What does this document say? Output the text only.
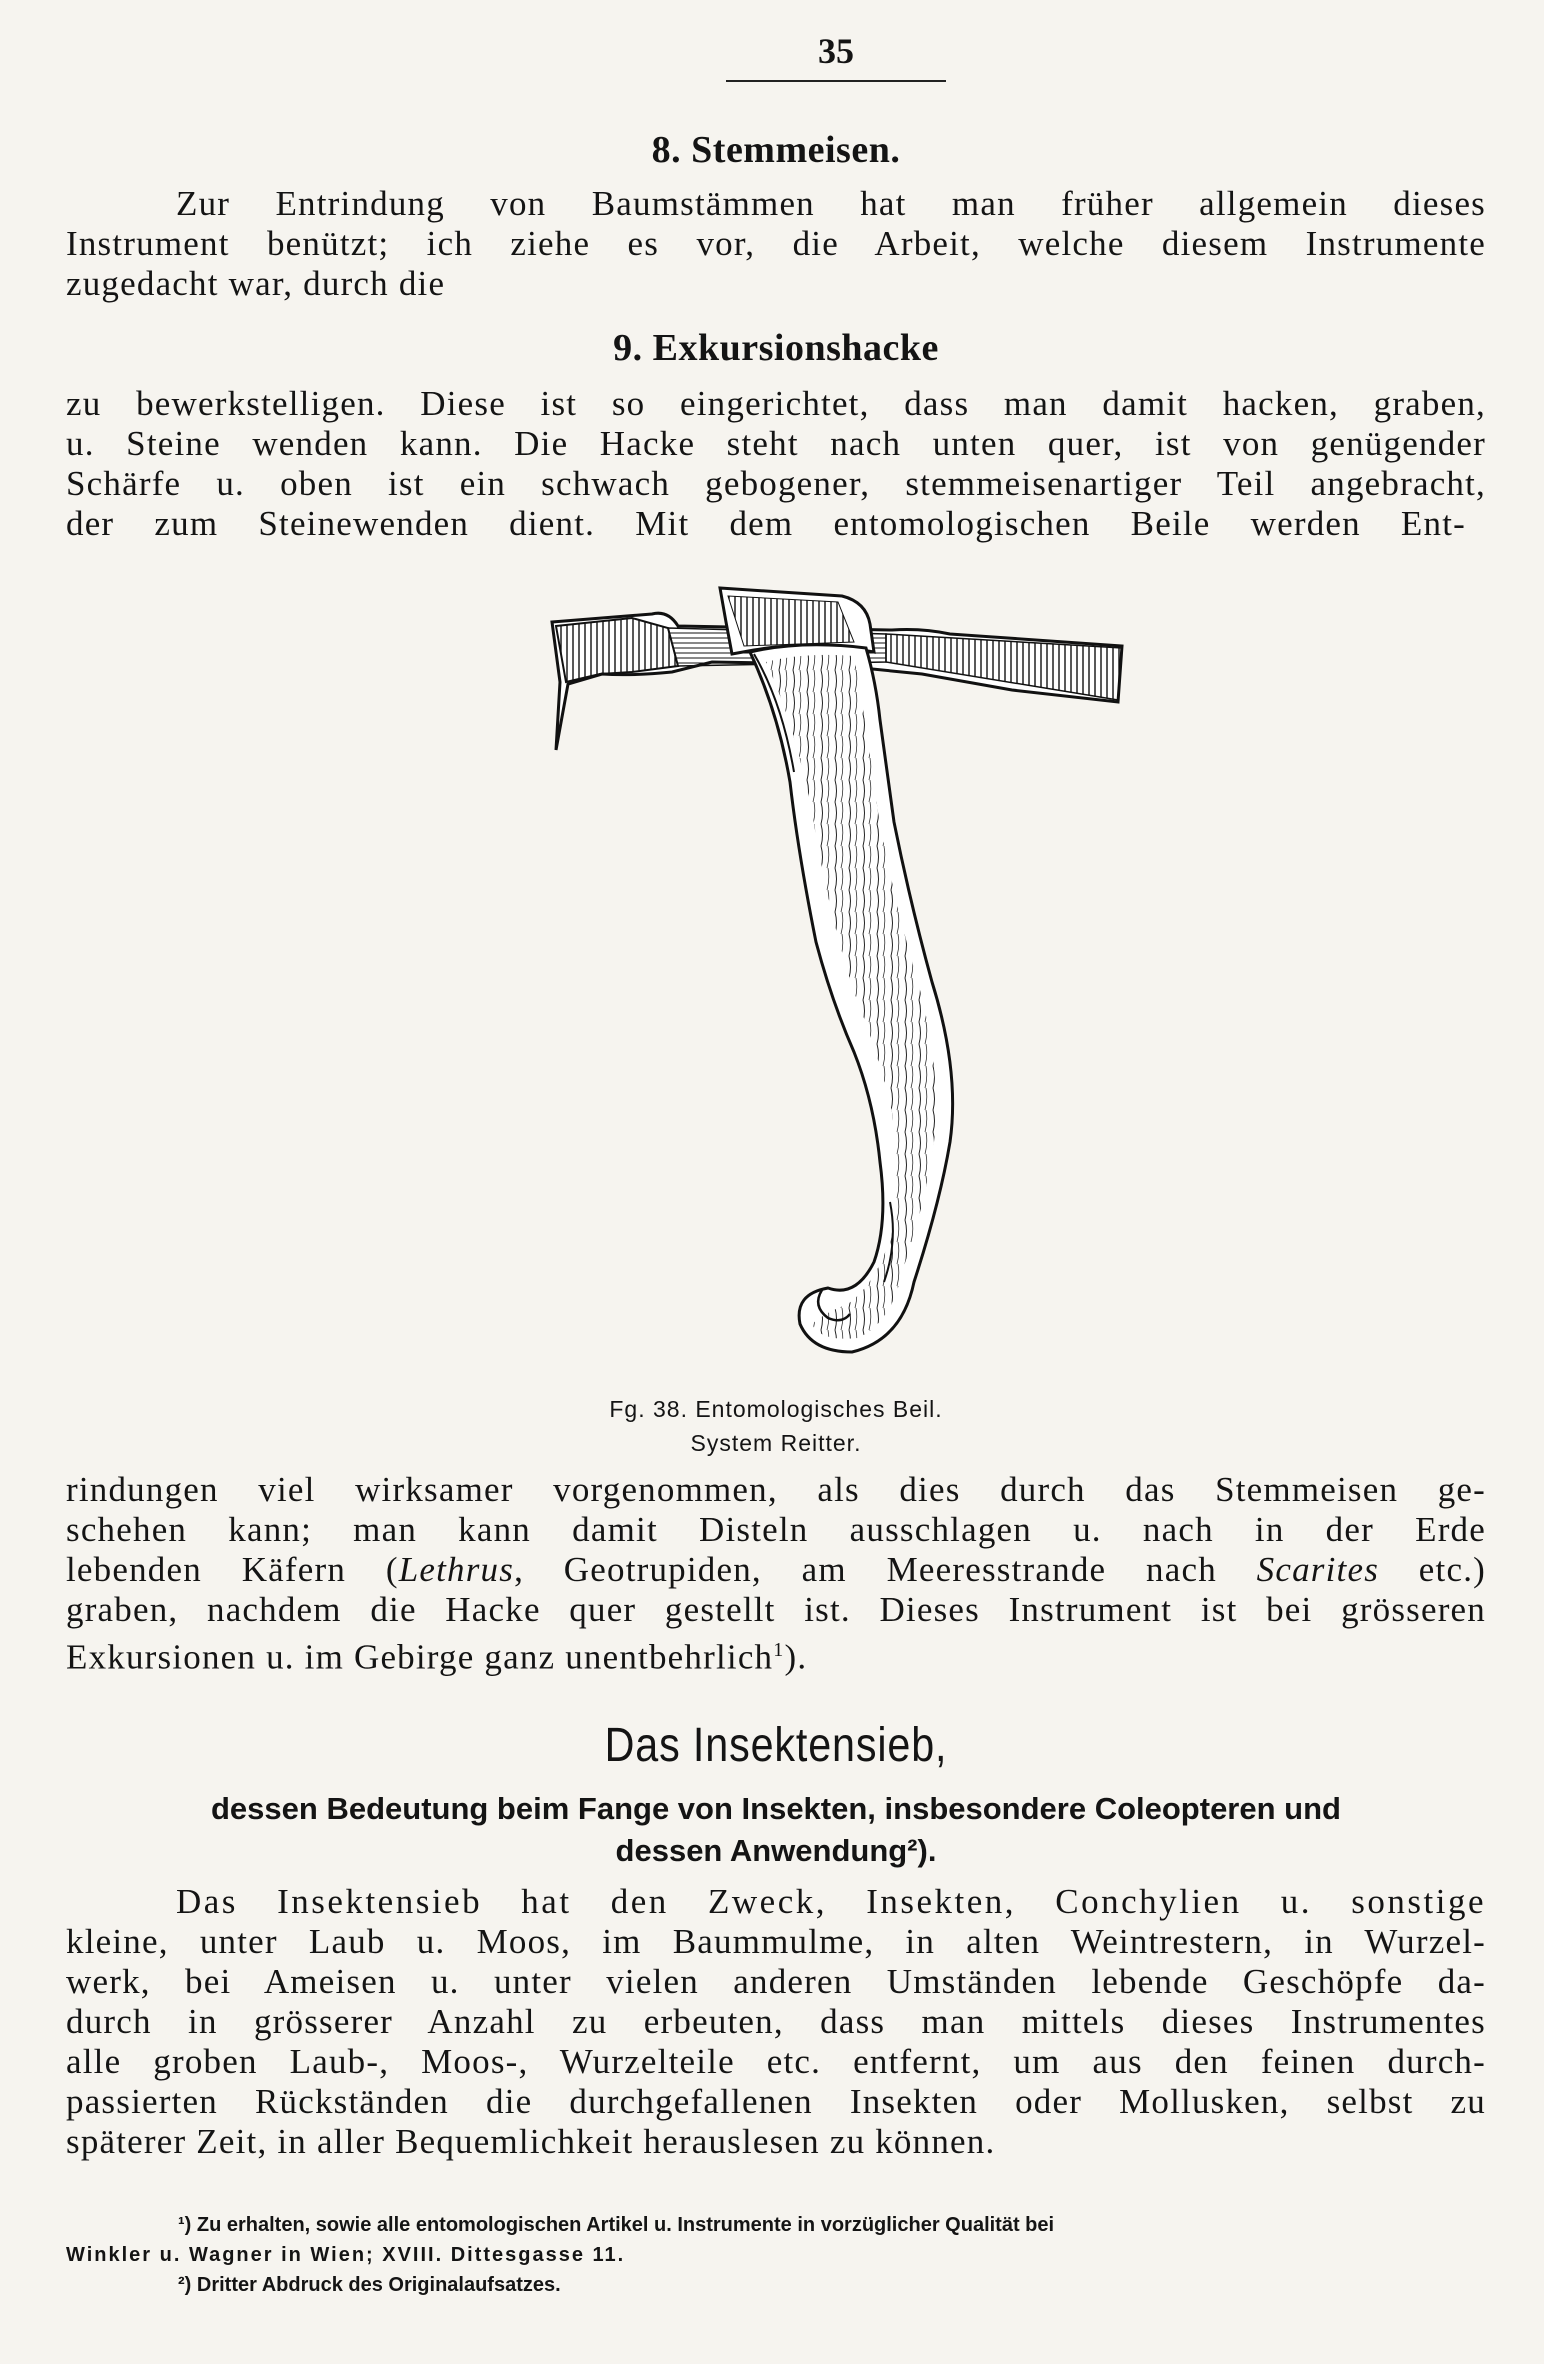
35
8. Stemmeisen.
Zur Entrindung von Baumstämmen hat man früher allgemein dieses
Instrument benützt; ich ziehe es vor, die Arbeit, welche diesem Instrumente
zugedacht war, durch die
9. Exkursionshacke
zu bewerkstelligen. Diese ist so eingerichtet, dass man damit hacken, graben,
u. Steine wenden kann. Die Hacke steht nach unten quer, ist von genügender
Schärfe u. oben ist ein schwach gebogener, stemmeisenartiger Teil angebracht,
der zum Steinewenden dient. Mit dem entomologischen Beile werden Ent-
Fg. 38. Entomologisches Beil.
System Reitter.
rindungen viel wirksamer vorgenommen, als dies durch das Stemmeisen ge-
schehen kann; man kann damit Disteln ausschlagen u. nach in der Erde
lebenden Käfern (Lethrus, Geotrupiden, am Meeresstrande nach Scarites etc.)
graben, nachdem die Hacke quer gestellt ist. Dieses Instrument ist bei grösseren
Exkursionen u. im Gebirge ganz unentbehrlich$^1$).
Das Insektensieb,
dessen Bedeutung beim Fange von Insekten, insbesondere Coleopteren und
dessen Anwendung²).
Das Insektensieb hat den Zweck, Insekten, Conchylien u. sonstige
kleine, unter Laub u. Moos, im Baummulme, in alten Weintrestern, in Wurzel-
werk, bei Ameisen u. unter vielen anderen Umständen lebende Geschöpfe da-
durch in grösserer Anzahl zu erbeuten, dass man mittels dieses Instrumentes
alle groben Laub-, Moos-, Wurzelteile etc. entfernt, um aus den feinen durch-
passierten Rückständen die durchgefallenen Insekten oder Mollusken, selbst zu
späterer Zeit, in aller Bequemlichkeit herauslesen zu können.
¹) Zu erhalten, sowie alle entomologischen Artikel u. Instrumente in vorzüglicher Qualität bei
Winkler u. Wagner in Wien; XVIII. Dittesgasse 11.
²) Dritter Abdruck des Originalaufsatzes.
